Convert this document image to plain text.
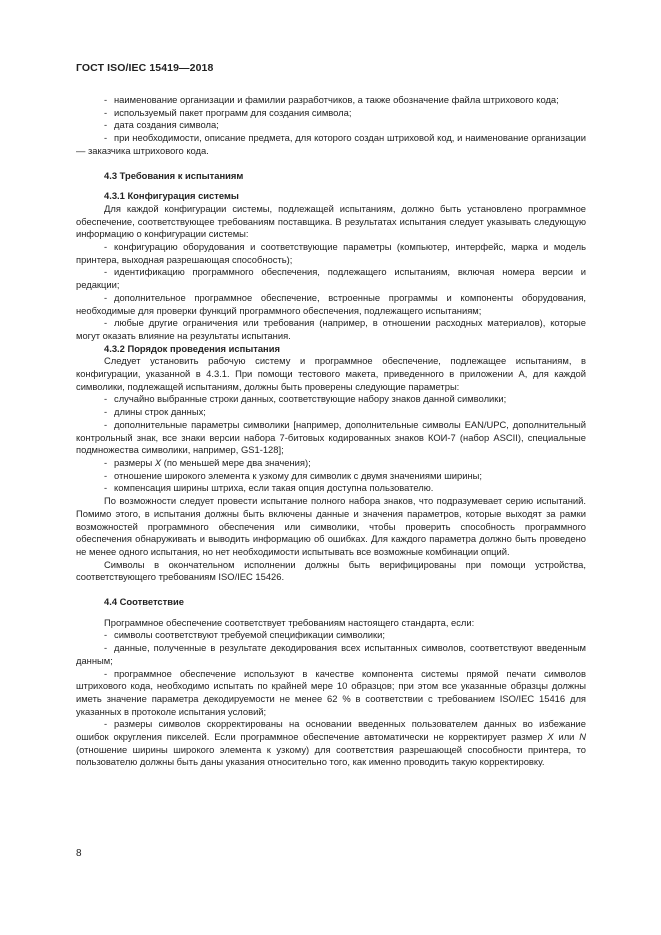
ГОСТ ISO/IEC 15419—2018

- наименование организации и фамилии разработчиков, а также обозначение файла штрихового кода;

- используемый пакет программ для создания символа;

- дата создания символа;

- при необходимости, описание предмета, для которого создан штриховой код, и наименование организации — заказчика штрихового кода.

4.3 Требования к испытаниям

4.3.1 Конфигурация системы

Для каждой конфигурации системы, подлежащей испытаниям, должно быть установлено программное обеспечение, соответствующее требованиям поставщика. В результатах испытания следует указывать следующую информацию о конфигурации системы:

- конфигурацию оборудования и соответствующие параметры (компьютер, интерфейс, марка и модель принтера, выходная разрешающая способность);

- идентификацию программного обеспечения, подлежащего испытаниям, включая номера версии и редакции;

- дополнительное программное обеспечение, встроенные программы и компоненты оборудования, необходимые для проверки функций программного обеспечения, подлежащего испытаниям;

- любые другие ограничения или требования (например, в отношении расходных материалов), которые могут оказать влияние на результаты испытания.

4.3.2 Порядок проведения испытания

Следует установить рабочую систему и программное обеспечение, подлежащее испытаниям, в конфигурации, указанной в 4.3.1. При помощи тестового макета, приведенного в приложении А, для каждой символики, подлежащей испытаниям, должны быть проверены следующие параметры:

- случайно выбранные строки данных, соответствующие набору знаков данной символики;

- длины строк данных;

- дополнительные параметры символики [например, дополнительные символы EAN/UPC, дополнительный контрольный знак, все знаки версии набора 7-битовых кодированных знаков КОИ-7 (набор ASCII), специальные подмножества символики, например, GS1-128];

- размеры X (по меньшей мере два значения);

- отношение широкого элемента к узкому для символик с двумя значениями ширины;

- компенсация ширины штриха, если такая опция доступна пользователю.

По возможности следует провести испытание полного набора знаков, что подразумевает серию испытаний. Помимо этого, в испытания должны быть включены данные и значения параметров, которые выходят за рамки возможностей программного обеспечения или символики, чтобы проверить способность программного обеспечения обнаруживать и выводить информацию об ошибках. Для каждого параметра должно быть проведено не менее одного испытания, но нет необходимости испытывать все возможные комбинации опций.

Символы в окончательном исполнении должны быть верифицированы при помощи устройства, соответствующего требованиям ISO/IEC 15426.

4.4 Соответствие

Программное обеспечение соответствует требованиям настоящего стандарта, если:

- символы соответствуют требуемой спецификации символики;

- данные, полученные в результате декодирования всех испытанных символов, соответствуют введенным данным;

- программное обеспечение используют в качестве компонента системы прямой печати символов штрихового кода, необходимо испытать по крайней мере 10 образцов; при этом все указанные образцы должны иметь значение параметра декодируемости не менее 62 % в соответствии с требованием ISO/IEC 15416 для указанных в протоколе испытания условий;

- размеры символов скорректированы на основании введенных пользователем данных во избежание ошибок округления пикселей. Если программное обеспечение автоматически не корректирует размер X или N (отношение ширины широкого элемента к узкому) для соответствия разрешающей способности принтера, то пользователю должны быть даны указания относительно того, как именно проводить такую корректировку.

8
